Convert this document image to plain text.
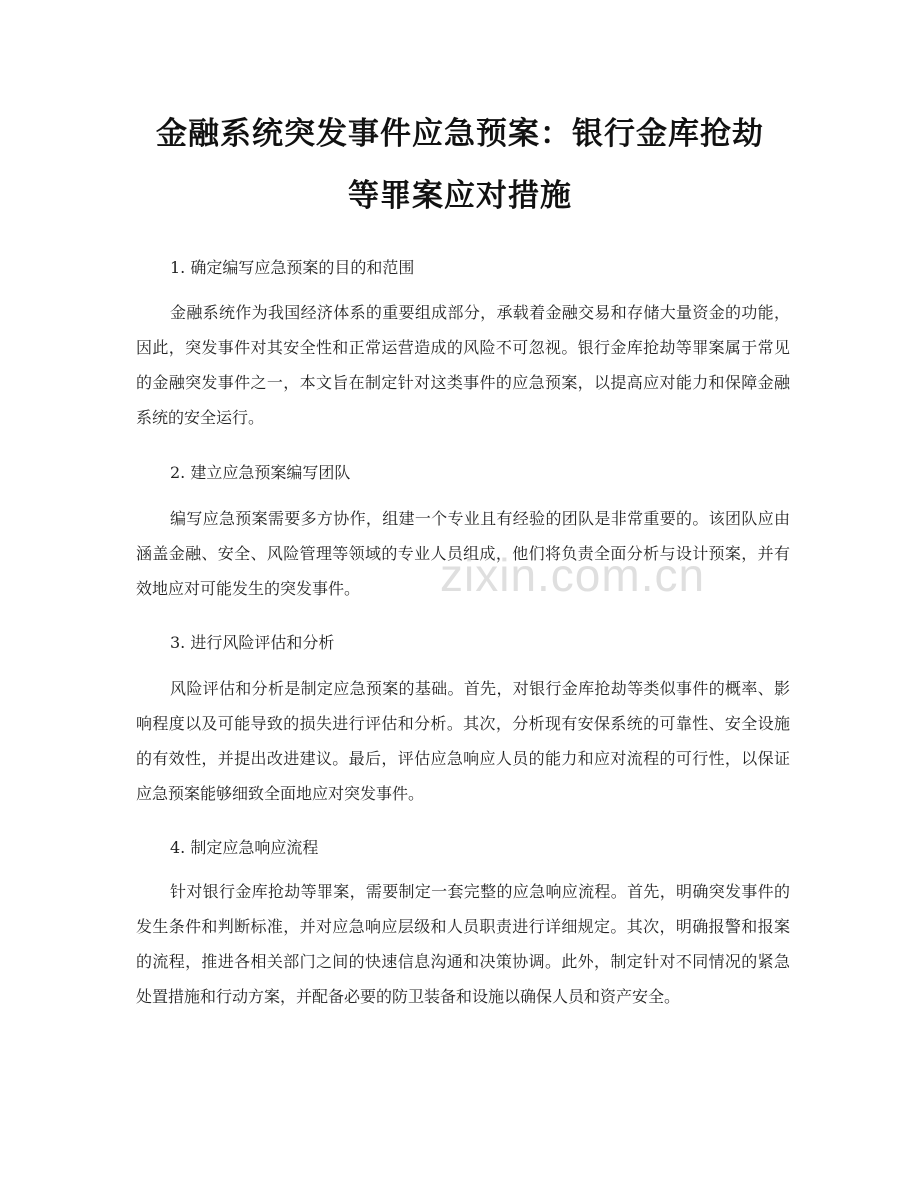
金融系统突发事件应急预案：银行金库抢劫
等罪案应对措施
1. 确定编写应急预案的目的和范围

金融系统作为我国经济体系的重要组成部分，承载着金融交易和存储大量资金的功能，因此，突发事件对其安全性和正常运营造成的风险不可忽视。银行金库抢劫等罪案属于常见的金融突发事件之一，本文旨在制定针对这类事件的应急预案，以提高应对能力和保障金融系统的安全运行。

2. 建立应急预案编写团队

编写应急预案需要多方协作，组建一个专业且有经验的团队是非常重要的。该团队应由涵盖金融、安全、风险管理等领域的专业人员组成，他们将负责全面分析与设计预案，并有效地应对可能发生的突发事件。

3. 进行风险评估和分析

风险评估和分析是制定应急预案的基础。首先，对银行金库抢劫等类似事件的概率、影响程度以及可能导致的损失进行评估和分析。其次，分析现有安保系统的可靠性、安全设施的有效性，并提出改进建议。最后，评估应急响应人员的能力和应对流程的可行性，以保证应急预案能够细致全面地应对突发事件。

4. 制定应急响应流程

针对银行金库抢劫等罪案，需要制定一套完整的应急响应流程。首先，明确突发事件的发生条件和判断标准，并对应急响应层级和人员职责进行详细规定。其次，明确报警和报案的流程，推进各相关部门之间的快速信息沟通和决策协调。此外，制定针对不同情况的紧急处置措施和行动方案，并配备必要的防卫装备和设施以确保人员和资产安全。

zixin.com.cn
